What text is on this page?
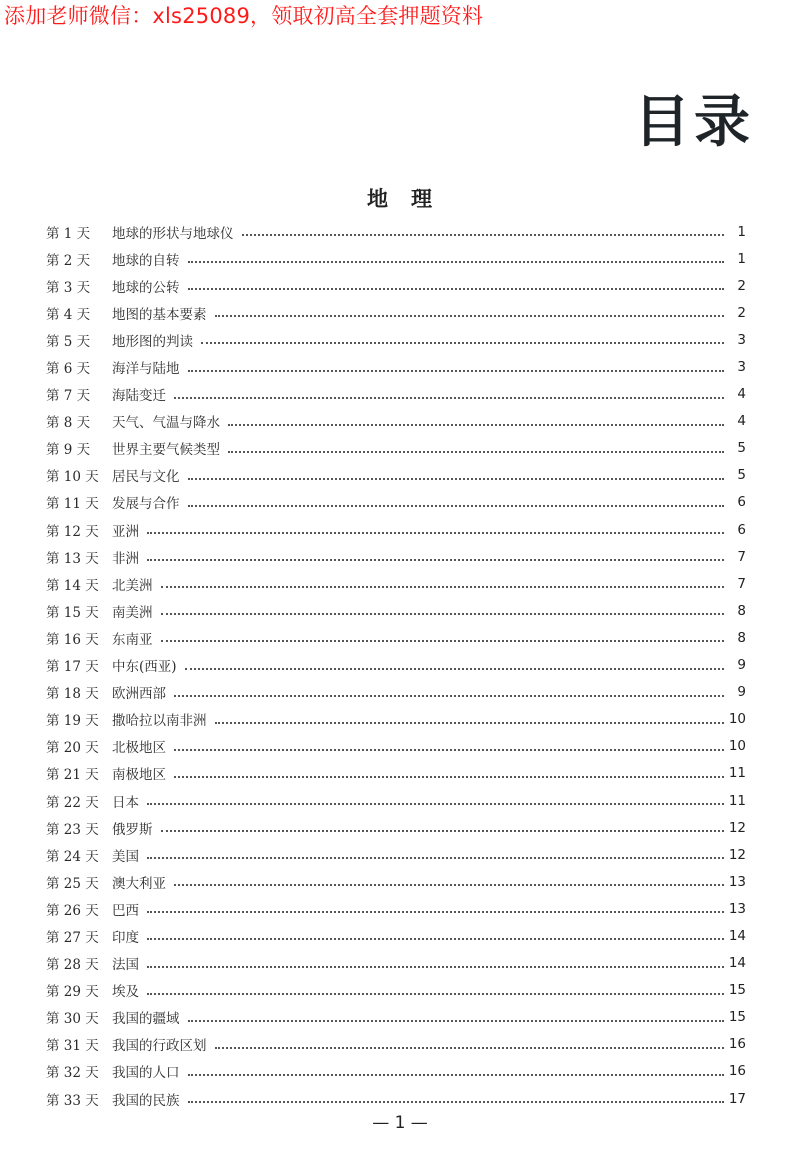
添加老师微信：xls25089，领取初高全套押题资料
目录
地　理
第 1 天	地球的形状与地球仪	1
第 2 天	地球的自转	1
第 3 天	地球的公转	2
第 4 天	地图的基本要素	2
第 5 天	地形图的判读	3
第 6 天	海洋与陆地	3
第 7 天	海陆变迁	4
第 8 天	天气、气温与降水	4
第 9 天	世界主要气候类型	5
第 10 天 居民与文化	5
第 11 天 发展与合作	6
第 12 天 亚洲	6
第 13 天 非洲	7
第 14 天 北美洲	7
第 15 天 南美洲	8
第 16 天 东南亚	8
第 17 天 中东(西亚)	9
第 18 天 欧洲西部	9
第 19 天 撒哈拉以南非洲	10
第 20 天 北极地区	10
第 21 天 南极地区	11
第 22 天 日本	11
第 23 天 俄罗斯	12
第 24 天 美国	12
第 25 天 澳大利亚	13
第 26 天 巴西	13
第 27 天 印度	14
第 28 天 法国	14
第 29 天 埃及	15
第 30 天 我国的疆域	15
第 31 天 我国的行政区划	16
第 32 天 我国的人口	16
第 33 天 我国的民族	17
— 1 —
